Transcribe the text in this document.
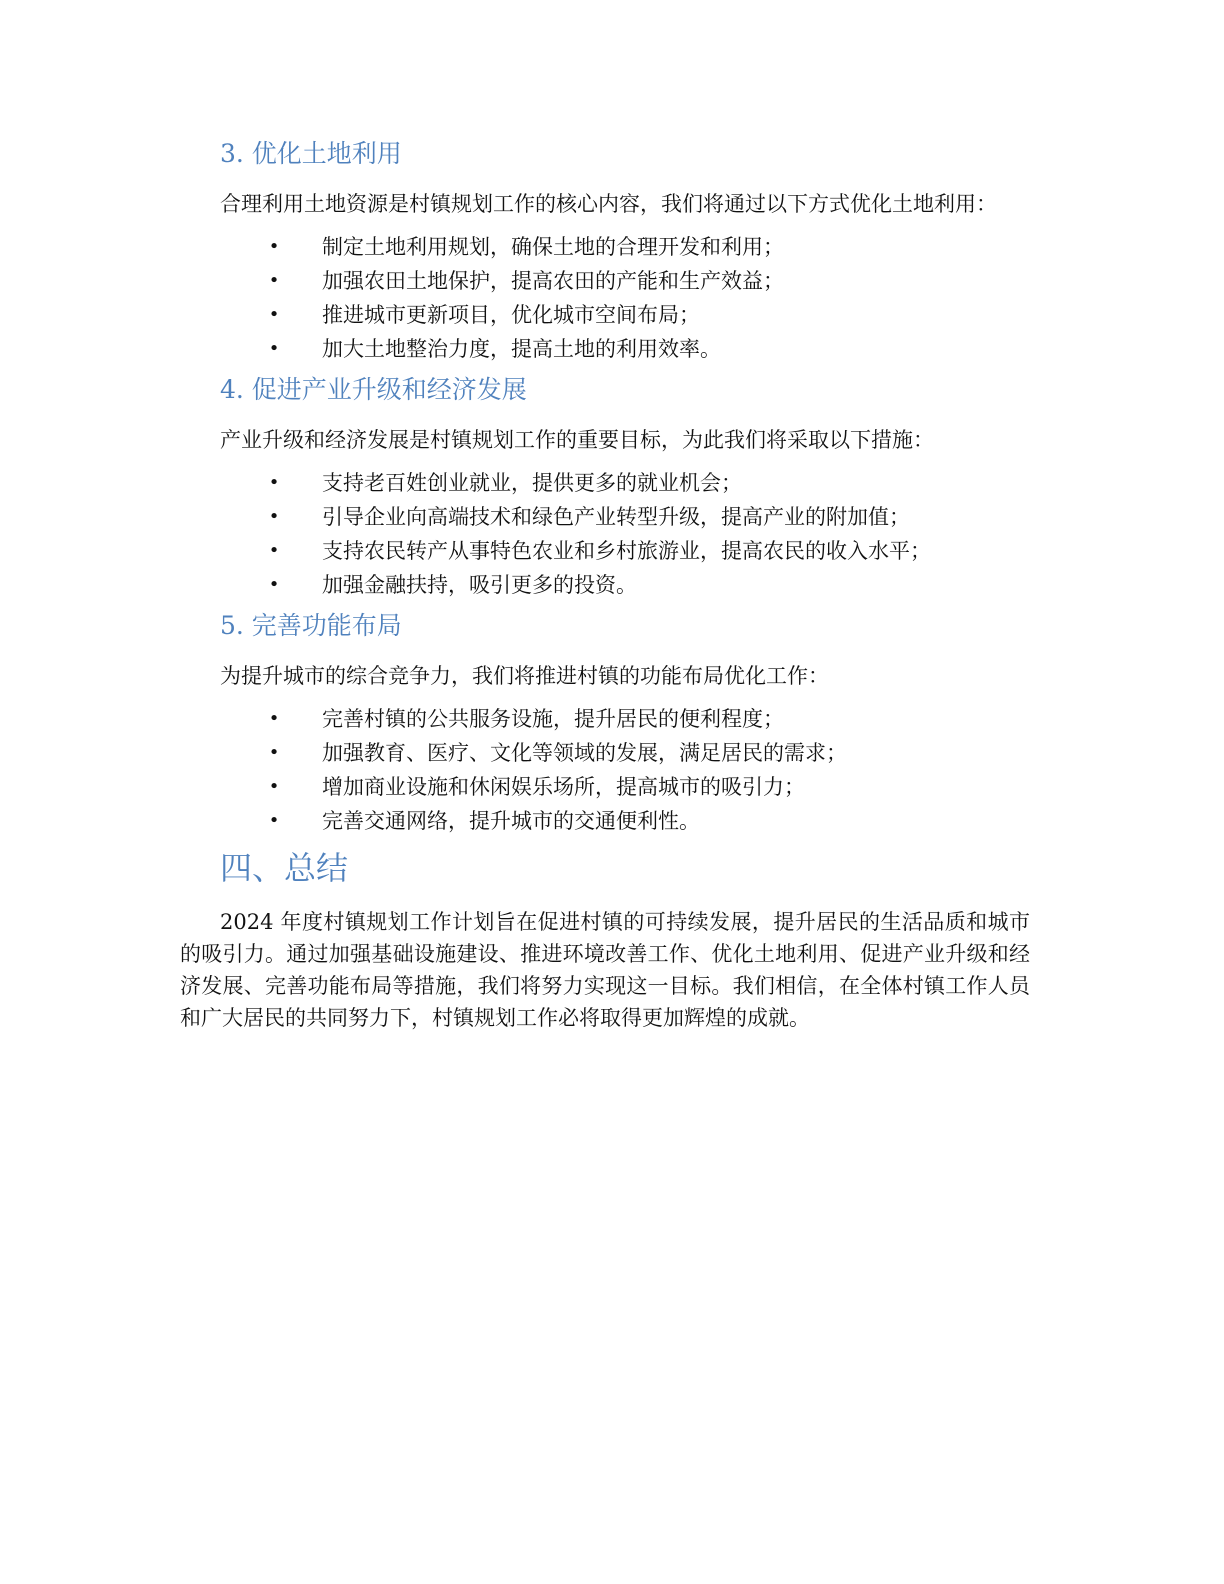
3. 优化土地利用

合理利用土地资源是村镇规划工作的核心内容，我们将通过以下方式优化土地利用：

• 制定土地利用规划，确保土地的合理开发和利用；
• 加强农田土地保护，提高农田的产能和生产效益；
• 推进城市更新项目，优化城市空间布局；
• 加大土地整治力度，提高土地的利用效率。
4. 促进产业升级和经济发展

产业升级和经济发展是村镇规划工作的重要目标，为此我们将采取以下措施：

• 支持老百姓创业就业，提供更多的就业机会；
• 引导企业向高端技术和绿色产业转型升级，提高产业的附加值；
• 支持农民转产从事特色农业和乡村旅游业，提高农民的收入水平；
• 加强金融扶持，吸引更多的投资。
5. 完善功能布局

为提升城市的综合竞争力，我们将推进村镇的功能布局优化工作：

• 完善村镇的公共服务设施，提升居民的便利程度；
• 加强教育、医疗、文化等领域的发展，满足居民的需求；
• 增加商业设施和休闲娱乐场所，提高城市的吸引力；
• 完善交通网络，提升城市的交通便利性。
四、总结

2024 年度村镇规划工作计划旨在促进村镇的可持续发展，提升居民的生活品质和城市的吸引力。通过加强基础设施建设、推进环境改善工作、优化土地利用、促进产业升级和经济发展、完善功能布局等措施，我们将努力实现这一目标。我们相信，在全体村镇工作人员和广大居民的共同努力下，村镇规划工作必将取得更加辉煌的成就。
